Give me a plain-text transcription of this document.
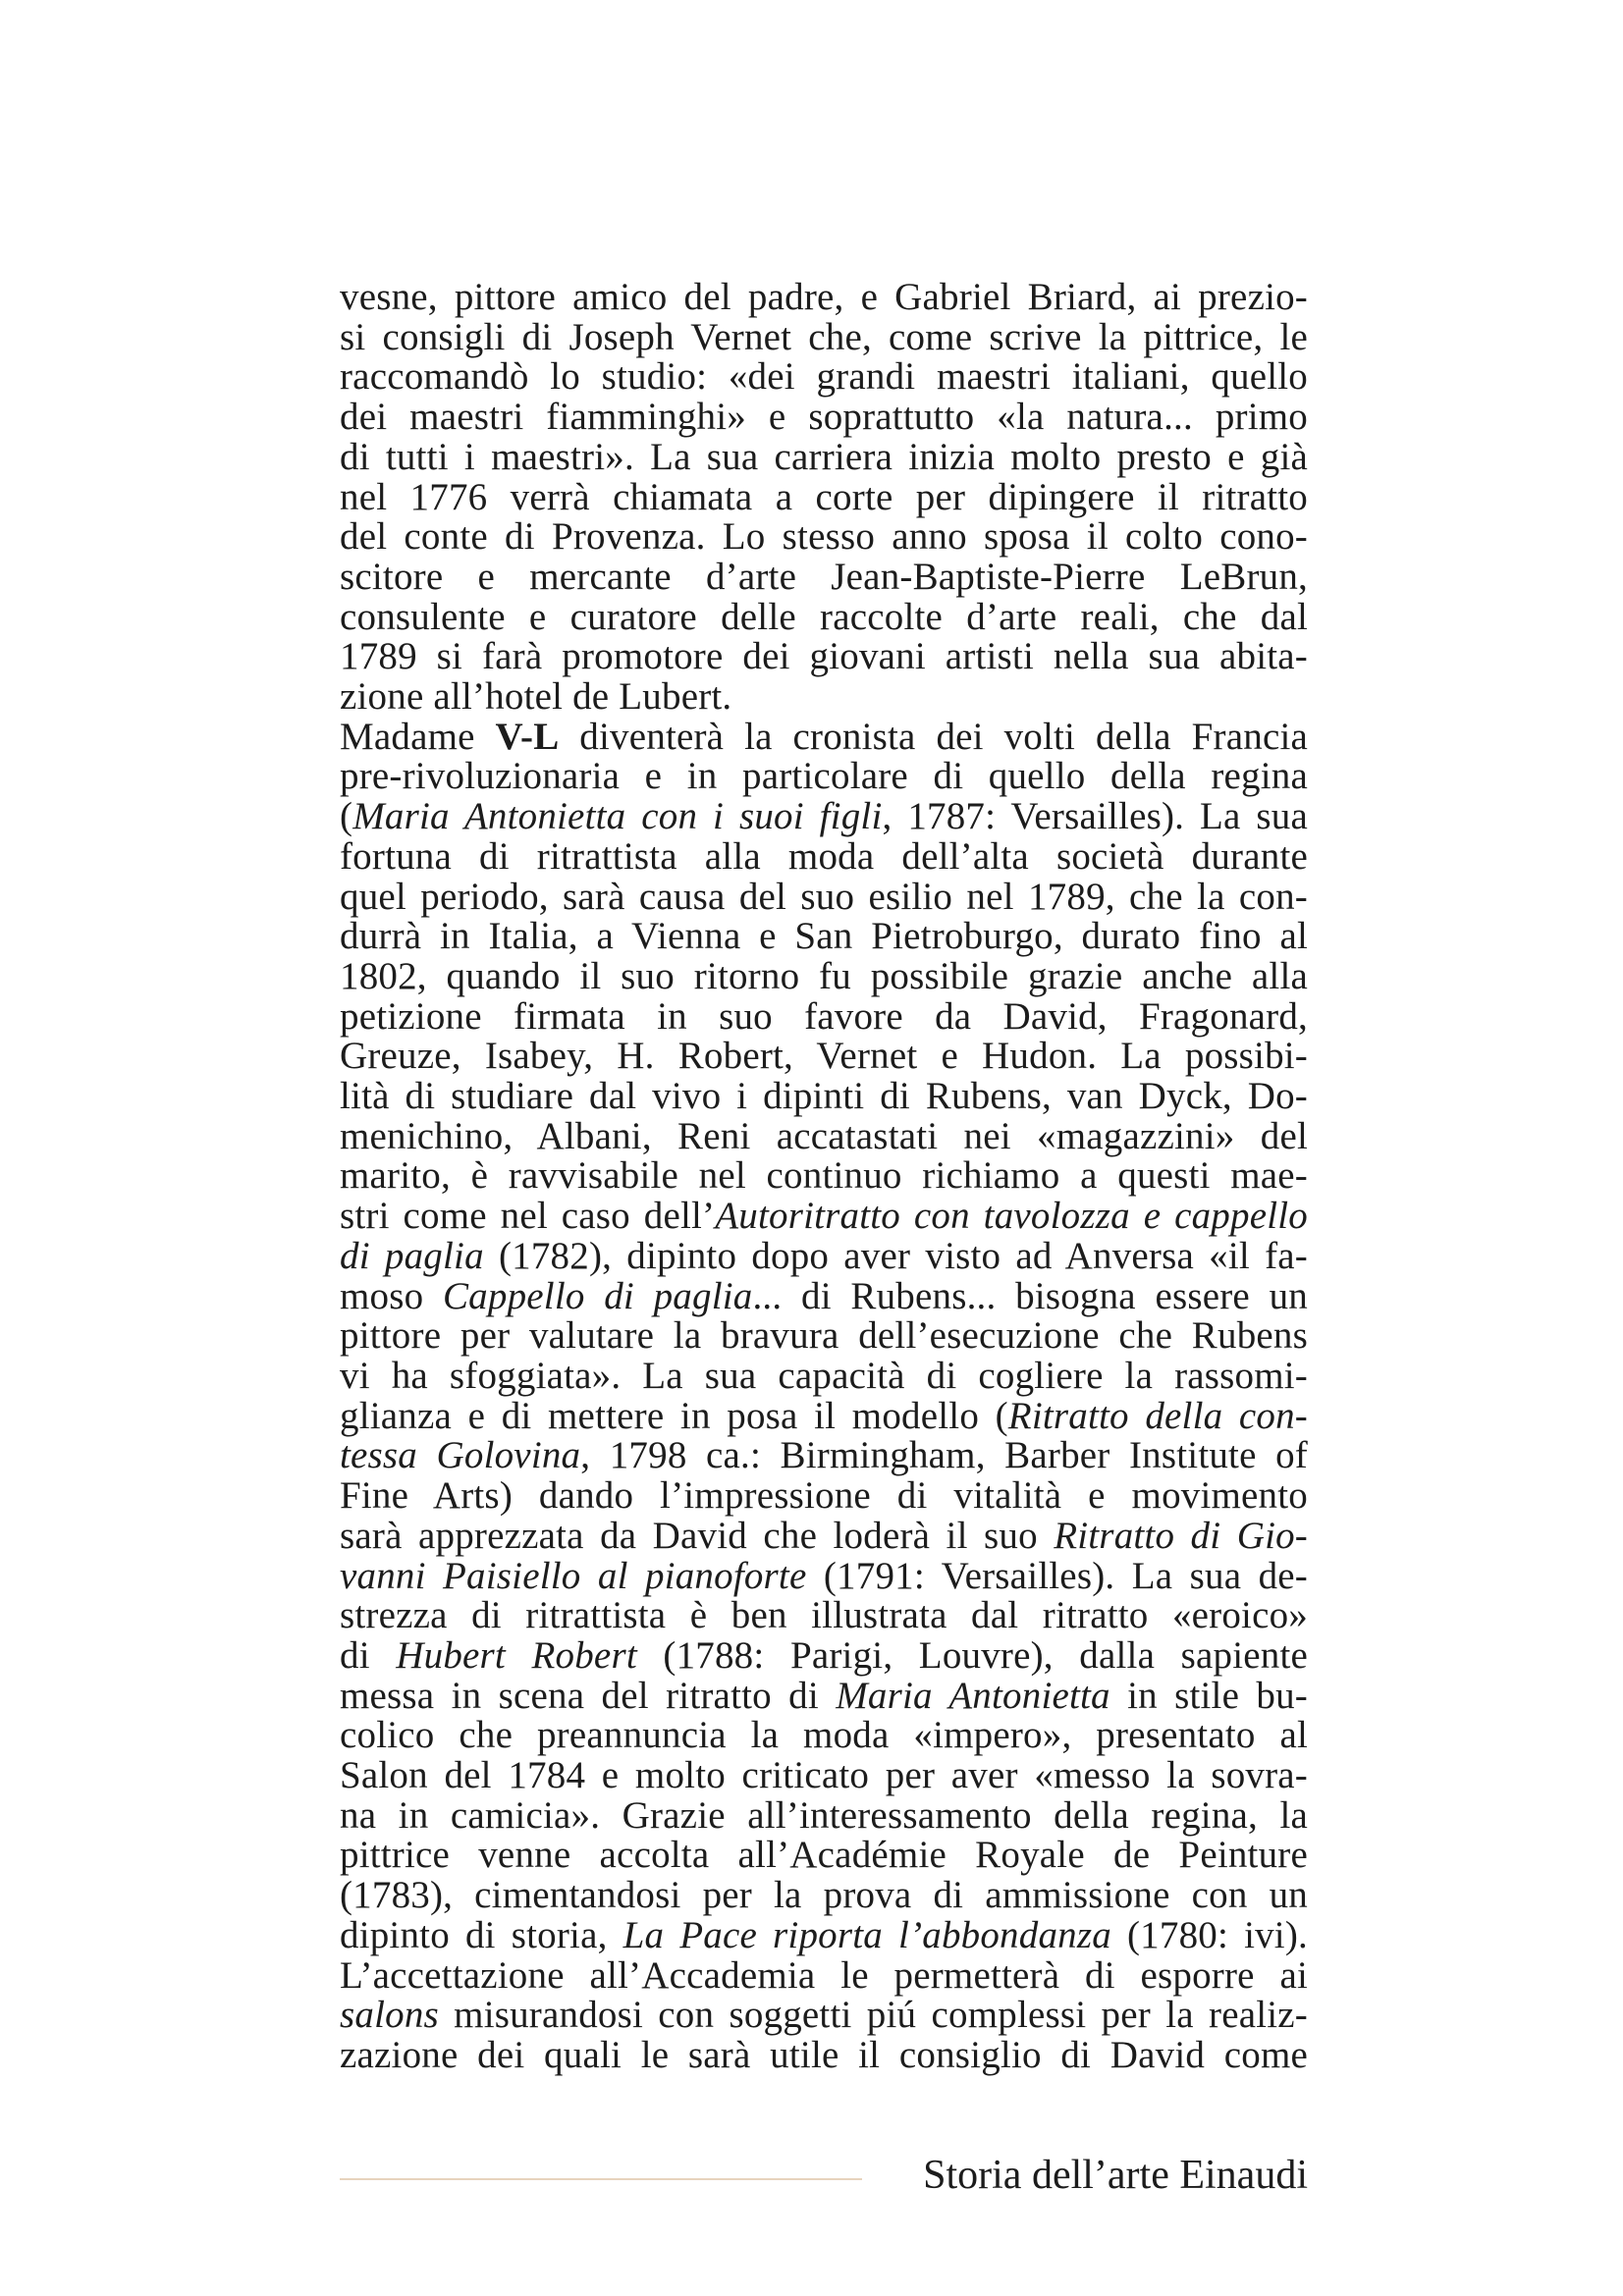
vesne, pittore amico del padre, e Gabriel Briard, ai prezio-
si consigli di Joseph Vernet che, come scrive la pittrice, le
raccomandò lo studio: «dei grandi maestri italiani, quello
dei maestri fiamminghi» e soprattutto «la natura... primo
di tutti i maestri». La sua carriera inizia molto presto e già
nel 1776 verrà chiamata a corte per dipingere il ritratto
del conte di Provenza. Lo stesso anno sposa il colto cono-
scitore e mercante d’arte Jean-Baptiste-Pierre LeBrun,
consulente e curatore delle raccolte d’arte reali, che dal
1789 si farà promotore dei giovani artisti nella sua abita-
zione all’hotel de Lubert.
Madame V-L diventerà la cronista dei volti della Francia
pre-rivoluzionaria e in particolare di quello della regina
(Maria Antonietta con i suoi figli, 1787: Versailles). La sua
fortuna di ritrattista alla moda dell’alta società durante
quel periodo, sarà causa del suo esilio nel 1789, che la con-
durrà in Italia, a Vienna e San Pietroburgo, durato fino al
1802, quando il suo ritorno fu possibile grazie anche alla
petizione firmata in suo favore da David, Fragonard,
Greuze, Isabey, H. Robert, Vernet e Hudon. La possibi-
lità di studiare dal vivo i dipinti di Rubens, van Dyck, Do-
menichino, Albani, Reni accatastati nei «magazzini» del
marito, è ravvisabile nel continuo richiamo a questi mae-
stri come nel caso dell’Autoritratto con tavolozza e cappello
di paglia (1782), dipinto dopo aver visto ad Anversa «il fa-
moso Cappello di paglia... di Rubens... bisogna essere un
pittore per valutare la bravura dell’esecuzione che Rubens
vi ha sfoggiata». La sua capacità di cogliere la rassomi-
glianza e di mettere in posa il modello (Ritratto della con-
tessa Golovina, 1798 ca.: Birmingham, Barber Institute of
Fine Arts) dando l’impressione di vitalità e movimento
sarà apprezzata da David che loderà il suo Ritratto di Gio-
vanni Paisiello al pianoforte (1791: Versailles). La sua de-
strezza di ritrattista è ben illustrata dal ritratto «eroico»
di Hubert Robert (1788: Parigi, Louvre), dalla sapiente
messa in scena del ritratto di Maria Antonietta in stile bu-
colico che preannuncia la moda «impero», presentato al
Salon del 1784 e molto criticato per aver «messo la sovra-
na in camicia». Grazie all’interessamento della regina, la
pittrice venne accolta all’Académie Royale de Peinture
(1783), cimentandosi per la prova di ammissione con un
dipinto di storia, La Pace riporta l’abbondanza (1780: ivi).
L’accettazione all’Accademia le permetterà di esporre ai
salons misurandosi con soggetti piú complessi per la realiz-
zazione dei quali le sarà utile il consiglio di David come
Storia dell’arte Einaudi
